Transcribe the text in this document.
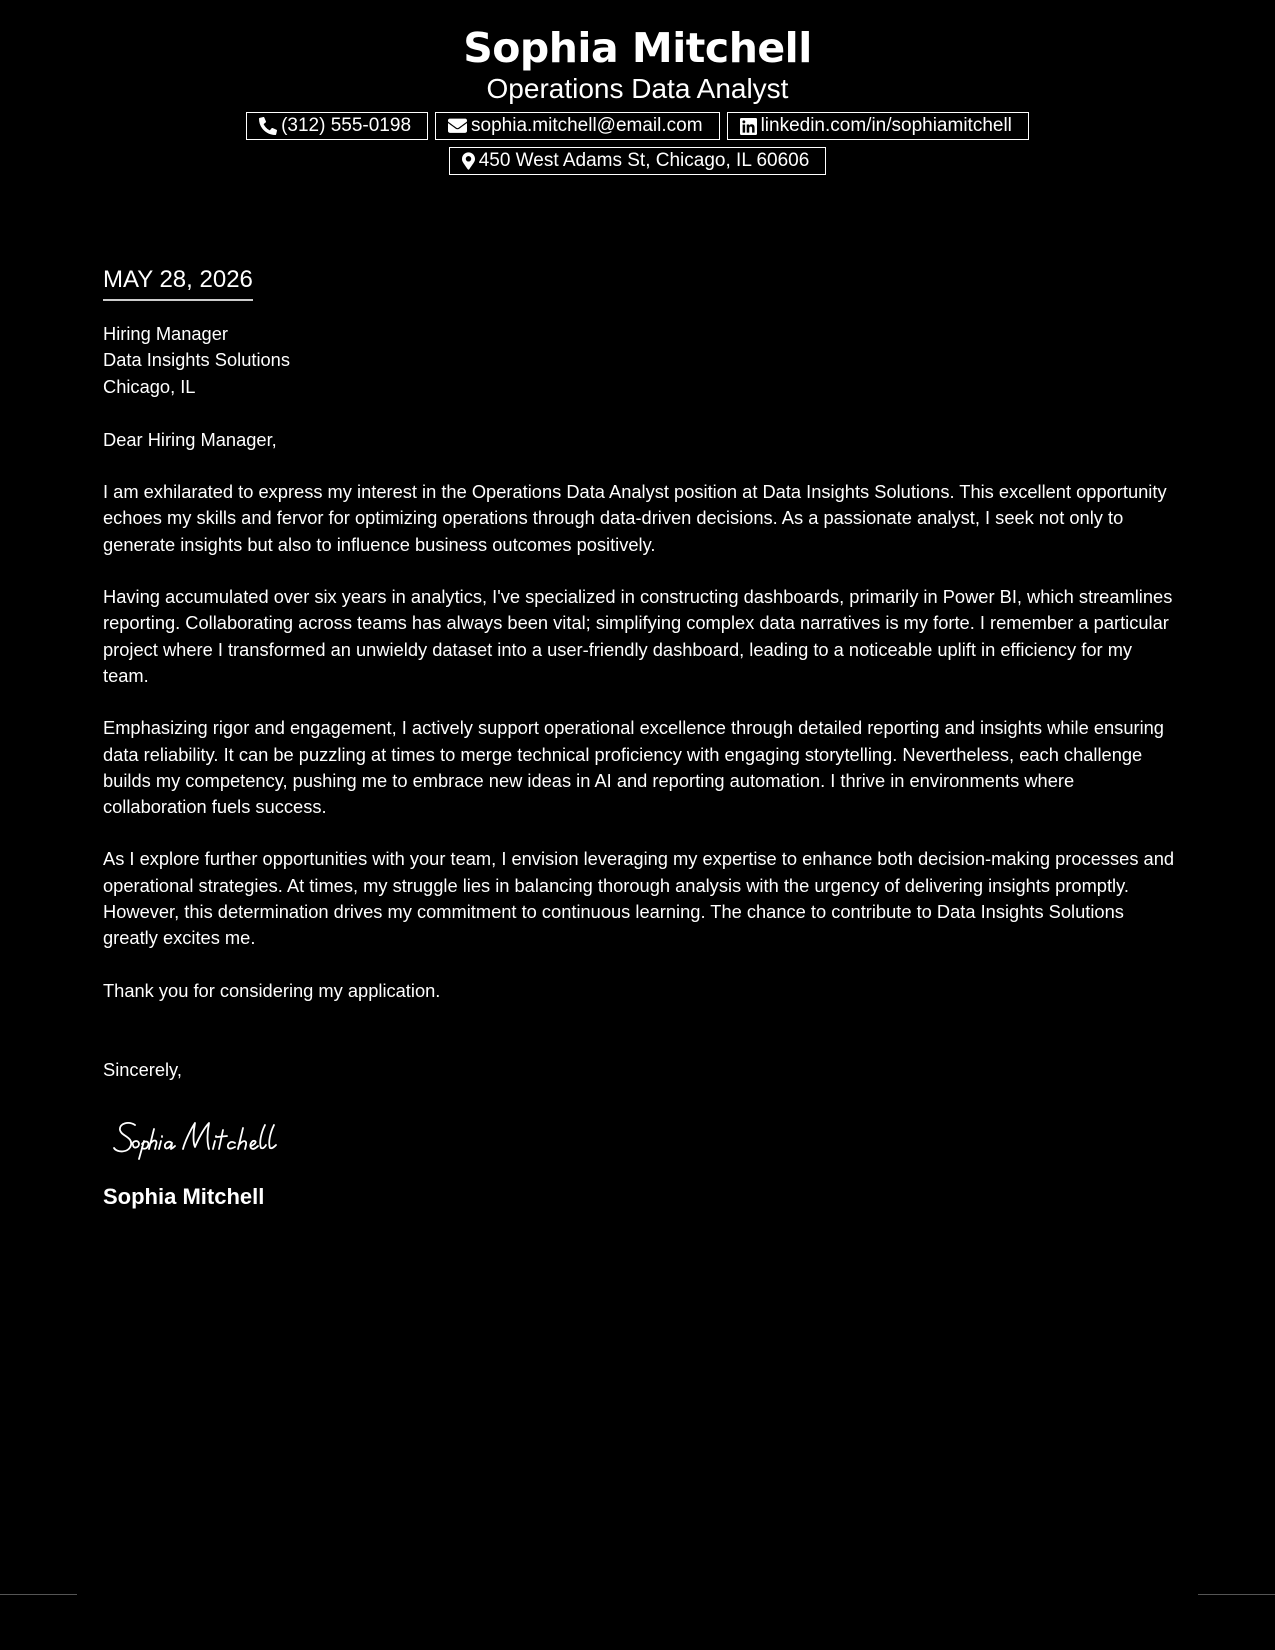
Sophia Mitchell
Operations Data Analyst
(312) 555-0198	sophia.mitchell@email.com	linkedin.com/in/sophiamitchell
450 West Adams St, Chicago, IL 60606
MAY 28, 2026
Hiring Manager
Data Insights Solutions
Chicago, IL
Dear Hiring Manager,

I am exhilarated to express my interest in the Operations Data Analyst position at Data Insights Solutions. This excellent opportunity echoes my skills and fervor for optimizing operations through data-driven decisions. As a passionate analyst, I seek not only to generate insights but also to influence business outcomes positively.

Having accumulated over six years in analytics, I've specialized in constructing dashboards, primarily in Power BI, which streamlines reporting. Collaborating across teams has always been vital; simplifying complex data narratives is my forte. I remember a particular project where I transformed an unwieldy dataset into a user-friendly dashboard, leading to a noticeable uplift in efficiency for my team.

Emphasizing rigor and engagement, I actively support operational excellence through detailed reporting and insights while ensuring data reliability. It can be puzzling at times to merge technical proficiency with engaging storytelling. Nevertheless, each challenge builds my competency, pushing me to embrace new ideas in AI and reporting automation. I thrive in environments where collaboration fuels success.

As I explore further opportunities with your team, I envision leveraging my expertise to enhance both decision-making processes and operational strategies. At times, my struggle lies in balancing thorough analysis with the urgency of delivering insights promptly. However, this determination drives my commitment to continuous learning. The chance to contribute to Data Insights Solutions greatly excites me.

Thank you for considering my application.
Sincerely,
Sophia Mitchell
